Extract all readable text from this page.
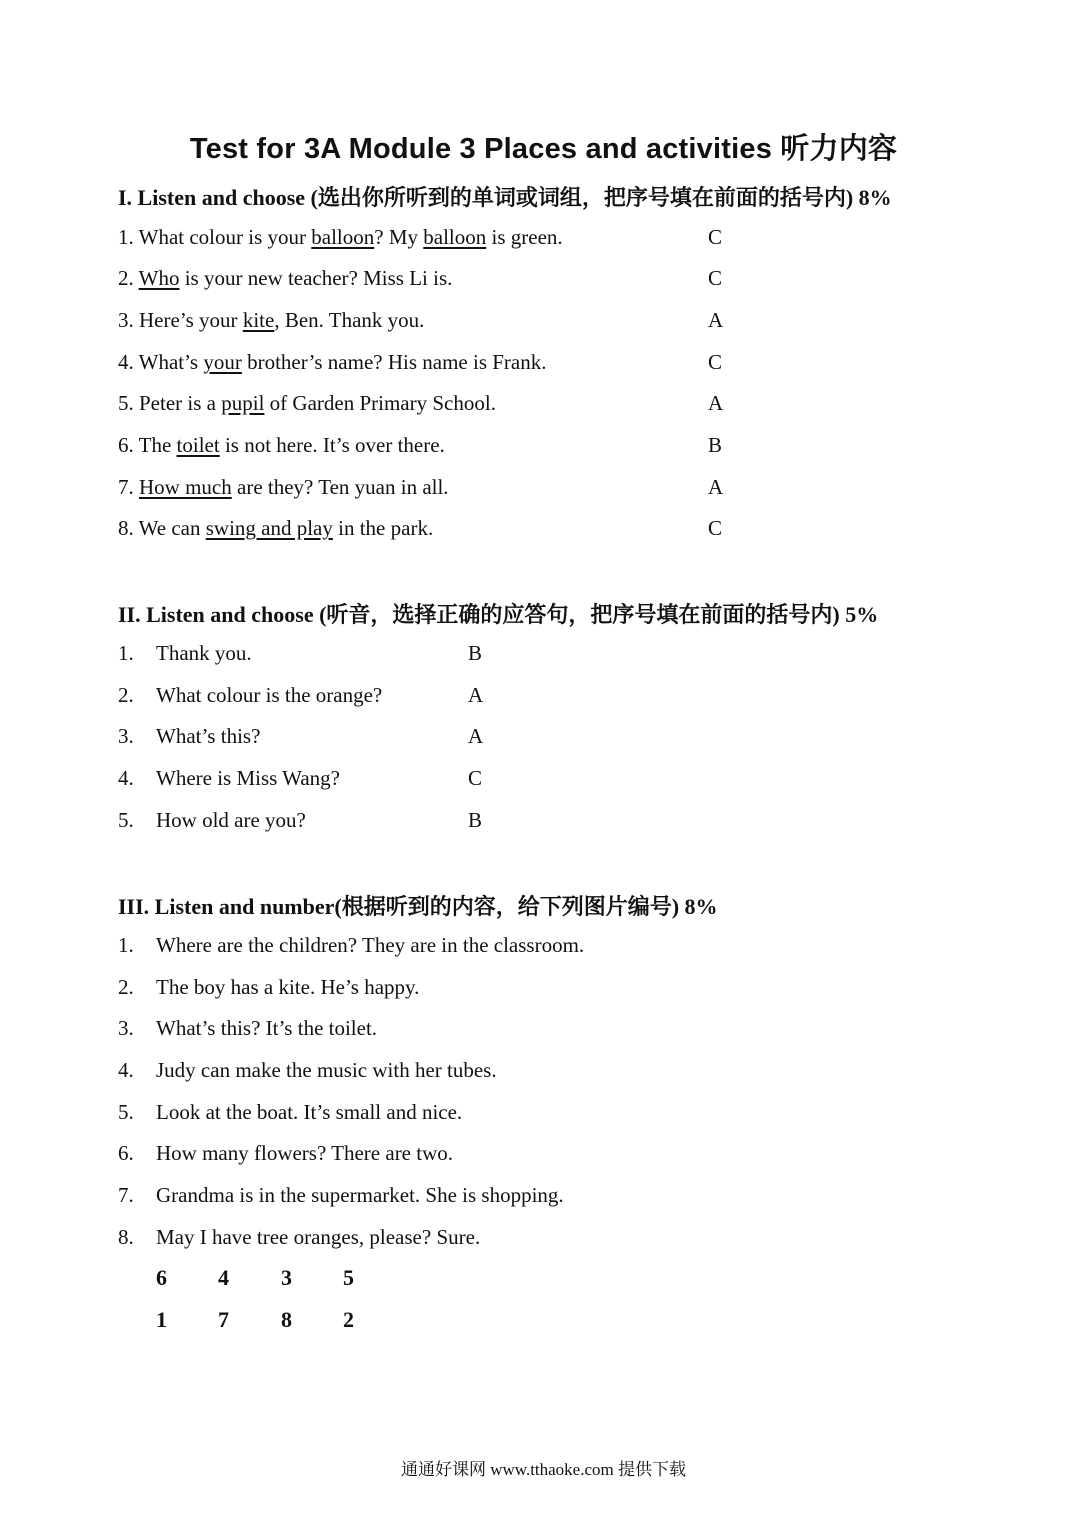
Test for 3A Module 3 Places and activities 听力内容
I. Listen and choose (选出你所听到的单词或词组，把序号填在前面的括号内) 8%
1. What colour is your balloon? My balloon is green.	C
2. Who is your new teacher? Miss Li is.	C
3. Here’s your kite, Ben. Thank you.	A
4. What’s your brother’s name? His name is Frank.	C
5. Peter is a pupil of Garden Primary School.	A
6. The toilet is not here. It’s over there.	B
7. How much are they? Ten yuan in all.	A
8. We can swing and play in the park.	C
II. Listen and choose (听音，选择正确的应答句，把序号填在前面的括号内) 5%
1. Thank you.	B
2. What colour is the orange?	A
3. What’s this?	A
4. Where is Miss Wang?	C
5. How old are you?	B
III. Listen and number(根据听到的内容，给下列图片编号) 8%
1. Where are the children? They are in the classroom.
2. The boy has a kite. He’s happy.
3. What’s this? It’s the toilet.
4. Judy can make the music with her tubes.
5. Look at the boat. It’s small and nice.
6. How many flowers? There are two.
7. Grandma is in the supermarket. She is shopping.
8. May I have tree oranges, please? Sure.
6 4 3 5
1 7 8 2
通通好课网 www.tthaoke.com 提供下载
